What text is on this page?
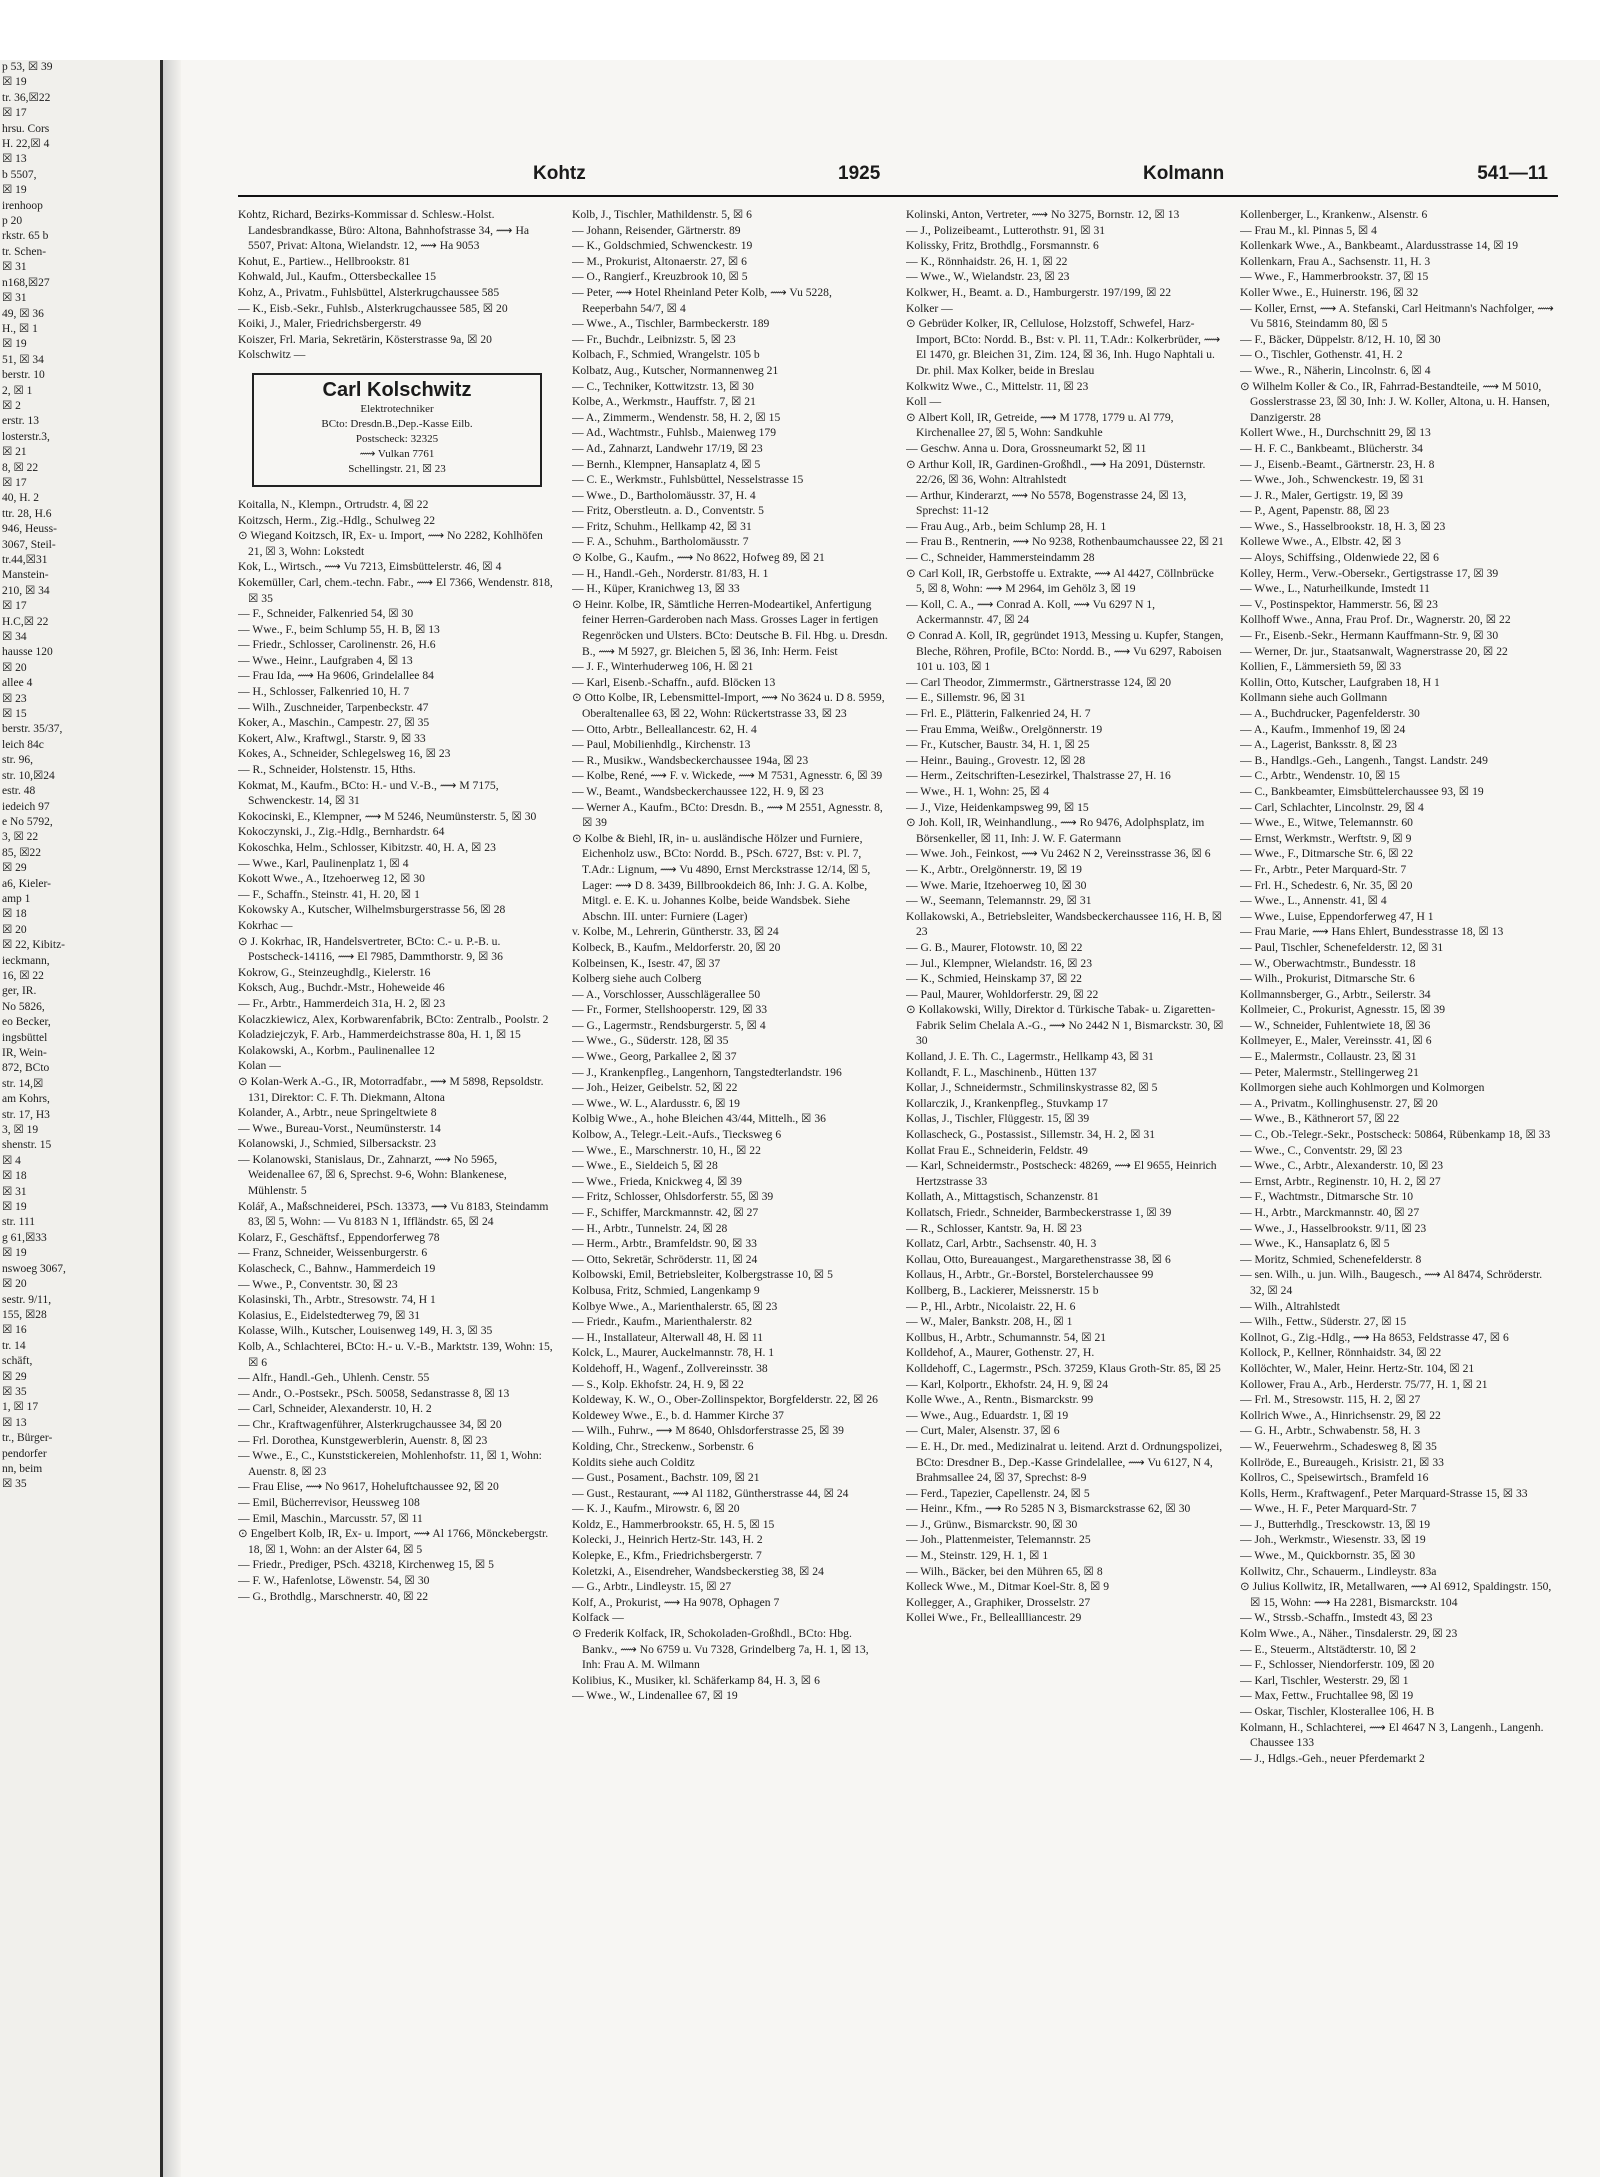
p 53, ☒ 39
☒ 19
tr. 36,☒22
☒ 17
hrsu. Cors
H. 22,☒ 4
☒ 13
b 5507,
☒ 19
irenhoop
p 20
rkstr. 65 b
tr. Schen-
☒ 31
n168,☒27
☒ 31
49, ☒ 36
H., ☒ 1
☒ 19
51, ☒ 34
berstr. 10
2, ☒ 1
☒ 2
erstr. 13
losterstr.3,
☒ 21
8, ☒ 22
☒ 17
40, H. 2
ttr. 28, H.6
946, Heuss-
3067, Steil-
tr.44,☒31
Manstein-
210, ☒ 34
☒ 17
H.C,☒ 22
☒ 34
hausse 120
☒ 20
allee 4
☒ 23
☒ 15
berstr. 35/37,
leich 84c
str. 96,
str. 10,☒24
estr. 48
iedeich 97
e No 5792,
3, ☒ 22
85, ☒22
☒ 29
a6, Kieler-
amp 1
☒ 18
☒ 20
☒ 22, Kibitz-
ieckmann,
16, ☒ 22
ger, IR.
No 5826,
eo Becker,
ingsbüttel
IR, Wein-
872, BCto
str. 14,☒
am Kohrs,
str. 17, H3
3, ☒ 19
shenstr. 15
☒ 4
☒ 18
☒ 31
☒ 19
str. 111
g 61,☒33
☒ 19
nswoeg 3067,
☒ 20
sestr. 9/11,
155, ☒28
☒ 16
tr. 14
schäft,
☒ 29
☒ 35
1, ☒ 17
☒ 13
tr., Bürger-
pendorfer
nn, beim
☒ 35
Kohtz	1925	Kolmann	541—11

Kohtz, Richard, Bezirks-Kommissar d. Schlesw.-Holst. Landesbrandkasse, Büro: Altona, Bahnhofstrasse 34, ⟿ Ha 5507, Privat: Altona, Wielandstr. 12, ⟿ Ha 9053

Kohut, E., Partiew.., Hellbrookstr. 81

Kohwald, Jul., Kaufm., Ottersbeckallee 15

Kohz, A., Privatm., Fuhlsbüttel, Alsterkrugchaussee 585

— K., Eisb.-Sekr., Fuhlsb., Alsterkrugchaussee 585, ☒ 20

Koiki, J., Maler, Friedrichsbergerstr. 49

Koiszer, Frl. Maria, Sekretärin, Kösterstrasse 9a, ☒ 20

Kolschwitz —

Carl Kolschwitz
Elektrotechniker
BCto: Dresdn.B.,Dep.-Kasse Eilb.
Postscheck: 32325
⟿ Vulkan 7761
Schellingstr. 21, ☒ 23

Koitalla, N., Klempn., Ortrudstr. 4, ☒ 22

Koitzsch, Herm., Zig.-Hdlg., Schulweg 22

⊙ Wiegand Koitzsch, IR, Ex- u. Import, ⟿ No 2282, Kohlhöfen 21, ☒ 3, Wohn: Lokstedt

Kok, L., Wirtsch., ⟿ Vu 7213, Eimsbüttelerstr. 46, ☒ 4

Kokemüller, Carl, chem.-techn. Fabr., ⟿ El 7366, Wendenstr. 818, ☒ 35

— F., Schneider, Falkenried 54, ☒ 30

— Wwe., F., beim Schlump 55, H. B, ☒ 13

— Friedr., Schlosser, Carolinenstr. 26, H.6

— Wwe., Heinr., Laufgraben 4, ☒ 13

— Frau Ida, ⟿ Ha 9606, Grindelallee 84

— H., Schlosser, Falkenried 10, H. 7

— Wilh., Zuschneider, Tarpenbeckstr. 47

Koker, A., Maschin., Campestr. 27, ☒ 35

Kokert, Alw., Kraftwgl., Starstr. 9, ☒ 33

Kokes, A., Schneider, Schlegelsweg 16, ☒ 23

— R., Schneider, Holstenstr. 15, Hths.

Kokmat, M., Kaufm., BCto: H.- und V.-B., ⟿ M 7175, Schwenckestr. 14, ☒ 31

Kokocinski, E., Klempner, ⟿ M 5246, Neumünsterstr. 5, ☒ 30

Kokoczynski, J., Zig.-Hdlg., Bernhardstr. 64

Kokoschka, Helm., Schlosser, Kibitzstr. 40, H. A, ☒ 23

— Wwe., Karl, Paulinenplatz 1, ☒ 4

Kokott Wwe., A., Itzehoerweg 12, ☒ 30

— F., Schaffn., Steinstr. 41, H. 20, ☒ 1

Kokowsky A., Kutscher, Wilhelmsburgerstrasse 56, ☒ 28

Kokrhac —

⊙ J. Kokrhac, IR, Handelsvertreter, BCto: C.- u. P.-B. u. Postscheck-14116, ⟿ El 7985, Dammthorstr. 9, ☒ 36

Kokrow, G., Steinzeughdlg., Kielerstr. 16

Koksch, Aug., Buchdr.-Mstr., Hoheweide 46

— Fr., Arbtr., Hammerdeich 31a, H. 2, ☒ 23

Kolaczkiewicz, Alex, Korbwarenfabrik, BCto: Zentralb., Poolstr. 2

Koladziejczyk, F. Arb., Hammerdeichstrasse 80a, H. 1, ☒ 15

Kolakowski, A., Korbm., Paulinenallee 12

Kolan —

⊙ Kolan-Werk A.-G., IR, Motorradfabr., ⟿ M 5898, Repsoldstr. 131, Direktor: C. F. Th. Diekmann, Altona

Kolander, A., Arbtr., neue Springeltwiete 8

— Wwe., Bureau-Vorst., Neumünsterstr. 14

Kolanowski, J., Schmied, Silbersackstr. 23

— Kolanowski, Stanislaus, Dr., Zahnarzt, ⟿ No 5965, Weidenallee 67, ☒ 6, Sprechst. 9-6, Wohn: Blankenese, Mühlenstr. 5

Kolář, A., Maßschneiderei, PSch. 13373, ⟿ Vu 8183, Steindamm 83, ☒ 5, Wohn: — Vu 8183 N 1, Iffländstr. 65, ☒ 24

Kolarz, F., Geschäftsf., Eppendorferweg 78

— Franz, Schneider, Weissenburgerstr. 6

Kolascheck, C., Bahnw., Hammerdeich 19

— Wwe., P., Conventstr. 30, ☒ 23

Kolasinski, Th., Arbtr., Stresowstr. 74, H 1

Kolasius, E., Eidelstedterweg 79, ☒ 31

Kolasse, Wilh., Kutscher, Louisenweg 149, H. 3, ☒ 35

Kolb, A., Schlachterei, BCto: H.- u. V.-B., Marktstr. 139, Wohn: 15, ☒ 6

— Alfr., Handl.-Geh., Uhlenh. Censtr. 55

— Andr., O.-Postsekr., PSch. 50058, Sedanstrasse 8, ☒ 13

— Carl, Schneider, Alexanderstr. 10, H. 2

— Chr., Kraftwagenführer, Alsterkrugchaussee 34, ☒ 20

— Frl. Dorothea, Kunstgewerblerin, Auenstr. 8, ☒ 23

— Wwe., E., C., Kunststickereien, Mohlenhofstr. 11, ☒ 1, Wohn: Auenstr. 8, ☒ 23

— Frau Elise, ⟿ No 9617, Hoheluftchaussee 92, ☒ 20

— Emil, Bücherrevisor, Heussweg 108

— Emil, Maschin., Marcusstr. 57, ☒ 11

⊙ Engelbert Kolb, IR, Ex- u. Import, ⟿ Al 1766, Mönckebergstr. 18, ☒ 1, Wohn: an der Alster 64, ☒ 5

— Friedr., Prediger, PSch. 43218, Kirchenweg 15, ☒ 5

— F. W., Hafenlotse, Löwenstr. 54, ☒ 30

— G., Brothdlg., Marschnerstr. 40, ☒ 22

Kolb, J., Tischler, Mathildenstr. 5, ☒ 6

— Johann, Reisender, Gärtnerstr. 89

— K., Goldschmied, Schwenckestr. 19

— M., Prokurist, Altonaerstr. 27, ☒ 6

— O., Rangierf., Kreuzbrook 10, ☒ 5

— Peter, ⟿ Hotel Rheinland Peter Kolb, ⟿ Vu 5228, Reeperbahn 54/7, ☒ 4

— Wwe., A., Tischler, Barmbeckerstr. 189

— Fr., Buchdr., Leibnizstr. 5, ☒ 23

Kolbach, F., Schmied, Wrangelstr. 105 b

Kolbatz, Aug., Kutscher, Normannenweg 21

— C., Techniker, Kottwitzstr. 13, ☒ 30

Kolbe, A., Werkmstr., Hauffstr. 7, ☒ 21

— A., Zimmerm., Wendenstr. 58, H. 2, ☒ 15

— Ad., Wachtmstr., Fuhlsb., Maienweg 179

— Ad., Zahnarzt, Landwehr 17/19, ☒ 23

— Bernh., Klempner, Hansaplatz 4, ☒ 5

— C. E., Werkmstr., Fuhlsbüttel, Nesselstrasse 15

— Wwe., D., Bartholomäusstr. 37, H. 4

— Fritz, Oberstleutn. a. D., Conventstr. 5

— Fritz, Schuhm., Hellkamp 42, ☒ 31

— F. A., Schuhm., Bartholomäusstr. 7

⊙ Kolbe, G., Kaufm., ⟿ No 8622, Hofweg 89, ☒ 21

— H., Handl.-Geh., Norderstr. 81/83, H. 1

— H., Küper, Kranichweg 13, ☒ 33

⊙ Heinr. Kolbe, IR, Sämtliche Herren-Modeartikel, Anfertigung feiner Herren-Garderoben nach Mass. Grosses Lager in fertigen Regenröcken und Ulsters. BCto: Deutsche B. Fil. Hbg. u. Dresdn. B., ⟿ M 5927, gr. Bleichen 5, ☒ 36, Inh: Herm. Feist

— J. F., Winterhuderweg 106, H. ☒ 21

— Karl, Eisenb.-Schaffn., aufd. Blöcken 13

⊙ Otto Kolbe, IR, Lebensmittel-Import, ⟿ No 3624 u. D 8. 5959, Oberaltenallee 63, ☒ 22, Wohn: Rückertstrasse 33, ☒ 23

— Otto, Arbtr., Belleallancestr. 62, H. 4

— Paul, Mobilienhdlg., Kirchenstr. 13

— R., Musikw., Wandsbeckerchaussee 194a, ☒ 23

— Kolbe, René, ⟿ F. v. Wickede, ⟿ M 7531, Agnesstr. 6, ☒ 39

— W., Beamt., Wandsbeckerchaussee 122, H. 9, ☒ 23

— Werner A., Kaufm., BCto: Dresdn. B., ⟿ M 2551, Agnesstr. 8, ☒ 39

⊙ Kolbe & Biehl, IR, in- u. ausländische Hölzer und Furniere, Eichenholz usw., BCto: Nordd. B., PSch. 6727, Bst: v. Pl. 7, T.Adr.: Lignum, ⟿ Vu 4890, Ernst Merckstrasse 12/14, ☒ 5, Lager: ⟿ D 8. 3439, Billbrookdeich 86, Inh: J. G. A. Kolbe, Mitgl. e. E. K. u. Johannes Kolbe, beide Wandsbek. Siehe Abschn. III. unter: Furniere (Lager)

v. Kolbe, M., Lehrerin, Güntherstr. 33, ☒ 24

Kolbeck, B., Kaufm., Meldorferstr. 20, ☒ 20

Kolbeinsen, K., Isestr. 47, ☒ 37

Kolberg siehe auch Colberg

— A., Vorschlosser, Ausschlägerallee 50

— Fr., Former, Stellshooperstr. 129, ☒ 33

— G., Lagermstr., Rendsburgerstr. 5, ☒ 4

— Wwe., G., Süderstr. 128, ☒ 35

— Wwe., Georg, Parkallee 2, ☒ 37

— J., Krankenpfleg., Langenhorn, Tangstedterlandstr. 196

— Joh., Heizer, Geibelstr. 52, ☒ 22

— Wwe., W. L., Alardusstr. 6, ☒ 19

Kolbig Wwe., A., hohe Bleichen 43/44, Mittelh., ☒ 36

Kolbow, A., Telegr.-Leit.-Aufs., Tiecksweg 6

— Wwe., E., Marschnerstr. 10, H., ☒ 22

— Wwe., E., Sieldeich 5, ☒ 28

— Wwe., Frieda, Knickweg 4, ☒ 39

— Fritz, Schlosser, Ohlsdorferstr. 55, ☒ 39

— F., Schiffer, Marckmannstr. 42, ☒ 27

— H., Arbtr., Tunnelstr. 24, ☒ 28

— Herm., Arbtr., Bramfeldstr. 90, ☒ 33

— Otto, Sekretär, Schröderstr. 11, ☒ 24

Kolbowski, Emil, Betriebsleiter, Kolbergstrasse 10, ☒ 5

Kolbusa, Fritz, Schmied, Langenkamp 9

Kolbye Wwe., A., Marienthalerstr. 65, ☒ 23

— Friedr., Kaufm., Marienthalerstr. 82

— H., Installateur, Alterwall 48, H. ☒ 11

Kolck, L., Maurer, Auckelmannstr. 78, H. 1

Koldehoff, H., Wagenf., Zollvereinsstr. 38

— S., Kolp. Ekhofstr. 24, H. 9, ☒ 22

Koldeway, K. W., O., Ober-Zollinspektor, Borgfelderstr. 22, ☒ 26

Koldewey Wwe., E., b. d. Hammer Kirche 37

— Wilh., Fuhrw., ⟿ M 8640, Ohlsdorferstrasse 25, ☒ 39

Kolding, Chr., Streckenw., Sorbenstr. 6

Koldits siehe auch Colditz

— Gust., Posament., Bachstr. 109, ☒ 21

— Gust., Restaurant, ⟿ Al 1182, Güntherstrasse 44, ☒ 24

— K. J., Kaufm., Mirowstr. 6, ☒ 20

Koldz, E., Hammerbrookstr. 65, H. 5, ☒ 15

Kolecki, J., Heinrich Hertz-Str. 143, H. 2

Kolepke, E., Kfm., Friedrichsbergerstr. 7

Koletzki, A., Eisendreher, Wandsbeckerstieg 38, ☒ 24

— G., Arbtr., Lindleystr. 15, ☒ 27

Kolf, A., Prokurist, ⟿ Ha 9078, Ophagen 7

Kolfack —

⊙ Frederik Kolfack, IR, Schokoladen-Großhdl., BCto: Hbg. Bankv., ⟿ No 6759 u. Vu 7328, Grindelberg 7a, H. 1, ☒ 13, Inh: Frau A. M. Wilmann

Kolibius, K., Musiker, kl. Schäferkamp 84, H. 3, ☒ 6

— Wwe., W., Lindenallee 67, ☒ 19

Kolinski, Anton, Vertreter, ⟿ No 3275, Bornstr. 12, ☒ 13

— J., Polizeibeamt., Lutterothstr. 91, ☒ 31

Kolissky, Fritz, Brothdlg., Forsmannstr. 6

— K., Rönnhaidstr. 26, H. 1, ☒ 22

— Wwe., W., Wielandstr. 23, ☒ 23

Kolkwer, H., Beamt. a. D., Hamburgerstr. 197/199, ☒ 22

Kolker —

⊙ Gebrüder Kolker, IR, Cellulose, Holzstoff, Schwefel, Harz-Import, BCto: Nordd. B., Bst: v. Pl. 11, T.Adr.: Kolkerbrüder, ⟿ El 1470, gr. Bleichen 31, Zim. 124, ☒ 36, Inh. Hugo Naphtali u. Dr. phil. Max Kolker, beide in Breslau

Kolkwitz Wwe., C., Mittelstr. 11, ☒ 23

Koll —

⊙ Albert Koll, IR, Getreide, ⟿ M 1778, 1779 u. Al 779, Kirchenallee 27, ☒ 5, Wohn: Sandkuhle

— Geschw. Anna u. Dora, Grossneumarkt 52, ☒ 11

⊙ Arthur Koll, IR, Gardinen-Großhdl., ⟿ Ha 2091, Düsternstr. 22/26, ☒ 36, Wohn: Altrahlstedt

— Arthur, Kinderarzt, ⟿ No 5578, Bogenstrasse 24, ☒ 13, Sprechst: 11-12

— Frau Aug., Arb., beim Schlump 28, H. 1

— Frau B., Rentnerin, ⟿ No 9238, Rothenbaumchaussee 22, ☒ 21

— C., Schneider, Hammersteindamm 28

⊙ Carl Koll, IR, Gerbstoffe u. Extrakte, ⟿ Al 4427, Cöllnbrücke 5, ☒ 8, Wohn: ⟿ M 2964, im Gehölz 3, ☒ 19

— Koll, C. A., ⟿ Conrad A. Koll, ⟿ Vu 6297 N 1, Ackermannstr. 47, ☒ 24

⊙ Conrad A. Koll, IR, gegründet 1913, Messing u. Kupfer, Stangen, Bleche, Röhren, Profile, BCto: Nordd. B., ⟿ Vu 6297, Raboisen 101 u. 103, ☒ 1

— Carl Theodor, Zimmermstr., Gärtnerstrasse 124, ☒ 20

— E., Sillemstr. 96, ☒ 31

— Frl. E., Plätterin, Falkenried 24, H. 7

— Frau Emma, Weißw., Orelgönnerstr. 19

— Fr., Kutscher, Baustr. 34, H. 1, ☒ 25

— Heinr., Bauing., Grovestr. 12, ☒ 28

— Herm., Zeitschriften-Lesezirkel, Thalstrasse 27, H. 16

— Wwe., H. 1, Wohn: 25, ☒ 4

— J., Vize, Heidenkampsweg 99, ☒ 15

⊙ Joh. Koll, IR, Weinhandlung., ⟿ Ro 9476, Adolphsplatz, im Börsenkeller, ☒ 11, Inh: J. W. F. Gatermann

— Wwe. Joh., Feinkost, ⟿ Vu 2462 N 2, Vereinsstrasse 36, ☒ 6

— K., Arbtr., Orelgönnerstr. 19, ☒ 19

— Wwe. Marie, Itzehoerweg 10, ☒ 30

— W., Seemann, Telemannstr. 29, ☒ 31

Kollakowski, A., Betriebsleiter, Wandsbeckerchaussee 116, H. B, ☒ 23

— G. B., Maurer, Flotowstr. 10, ☒ 22

— Jul., Klempner, Wielandstr. 16, ☒ 23

— K., Schmied, Heinskamp 37, ☒ 22

— Paul, Maurer, Wohldorferstr. 29, ☒ 22

⊙ Kollakowski, Willy, Direktor d. Türkische Tabak- u. Zigaretten-Fabrik Selim Chelala A.-G., ⟿ No 2442 N 1, Bismarckstr. 30, ☒ 30

Kolland, J. E. Th. C., Lagermstr., Hellkamp 43, ☒ 31

Kollandt, F. L., Maschinenb., Hütten 137

Kollar, J., Schneidermstr., Schmilinskystrasse 82, ☒ 5

Kollarczik, J., Krankenpfleg., Stuvkamp 17

Kollas, J., Tischler, Flüggestr. 15, ☒ 39

Kollascheck, G., Postassist., Sillemstr. 34, H. 2, ☒ 31

Kollat Frau E., Schneiderin, Feldstr. 49

— Karl, Schneidermstr., Postscheck: 48269, ⟿ El 9655, Heinrich Hertzstrasse 33

Kollath, A., Mittagstisch, Schanzenstr. 81

Kollatsch, Friedr., Schneider, Barmbeckerstrasse 1, ☒ 39

— R., Schlosser, Kantstr. 9a, H. ☒ 23

Kollatz, Carl, Arbtr., Sachsenstr. 40, H. 3

Kollau, Otto, Bureauangest., Margarethenstrasse 38, ☒ 6

Kollaus, H., Arbtr., Gr.-Borstel, Borstelerchaussee 99

Kollberg, B., Lackierer, Meissnerstr. 15 b

— P., Hl., Arbtr., Nicolaistr. 22, H. 6

— W., Maler, Bankstr. 208, H., ☒ 1

Kollbus, H., Arbtr., Schumannstr. 54, ☒ 21

Kolldehof, A., Maurer, Gothenstr. 27, H.

Kolldehoff, C., Lagermstr., PSch. 37259, Klaus Groth-Str. 85, ☒ 25

— Karl, Kolportr., Ekhofstr. 24, H. 9, ☒ 24

Kolle Wwe., A., Rentn., Bismarckstr. 99

— Wwe., Aug., Eduardstr. 1, ☒ 19

— Curt, Maler, Alsenstr. 37, ☒ 6

— E. H., Dr. med., Medizinalrat u. leitend. Arzt d. Ordnungspolizei, BCto: Dresdner B., Dep.-Kasse Grindelallee, ⟿ Vu 6127, N 4, Brahmsallee 24, ☒ 37, Sprechst: 8-9

— Ferd., Tapezier, Capellenstr. 24, ☒ 5

— Heinr., Kfm., ⟿ Ro 5285 N 3, Bismarckstrasse 62, ☒ 30

— J., Grünw., Bismarckstr. 90, ☒ 30

— Joh., Plattenmeister, Telemannstr. 25

— M., Steinstr. 129, H. 1, ☒ 1

— Wilh., Bäcker, bei den Mühren 65, ☒ 8

Kolleck Wwe., M., Ditmar Koel-Str. 8, ☒ 9

Kollegger, A., Graphiker, Drosselstr. 27

Kollei Wwe., Fr., Belleallliancestr. 29

Kollenberger, L., Krankenw., Alsenstr. 6

— Frau M., kl. Pinnas 5, ☒ 4

Kollenkark Wwe., A., Bankbeamt., Alardusstrasse 14, ☒ 19

Kollenkarn, Frau A., Sachsenstr. 11, H. 3

— Wwe., F., Hammerbrookstr. 37, ☒ 15

Koller Wwe., E., Huinerstr. 196, ☒ 32

— Koller, Ernst, ⟿ A. Stefanski, Carl Heitmann's Nachfolger, ⟿ Vu 5816, Steindamm 80, ☒ 5

— F., Bäcker, Düppelstr. 8/12, H. 10, ☒ 30

— O., Tischler, Gothenstr. 41, H. 2

— Wwe., R., Näherin, Lincolnstr. 6, ☒ 4

⊙ Wilhelm Koller & Co., IR, Fahrrad-Bestandteile, ⟿ M 5010, Gosslerstrasse 23, ☒ 30, Inh: J. W. Koller, Altona, u. H. Hansen, Danzigerstr. 28

Kollert Wwe., H., Durchschnitt 29, ☒ 13

— H. F. C., Bankbeamt., Blücherstr. 34

— J., Eisenb.-Beamt., Gärtnerstr. 23, H. 8

— Wwe., Joh., Schwenckestr. 19, ☒ 31

— J. R., Maler, Gertigstr. 19, ☒ 39

— P., Agent, Papenstr. 88, ☒ 23

— Wwe., S., Hasselbrookstr. 18, H. 3, ☒ 23

Kollewe Wwe., A., Elbstr. 42, ☒ 3

— Aloys, Schiffsing., Oldenwiede 22, ☒ 6

Kolley, Herm., Verw.-Obersekr., Gertigstrasse 17, ☒ 39

— Wwe., L., Naturheilkunde, Imstedt 11

— V., Postinspektor, Hammerstr. 56, ☒ 23

Kollhoff Wwe., Anna, Frau Prof. Dr., Wagnerstr. 20, ☒ 22

— Fr., Eisenb.-Sekr., Hermann Kauffmann-Str. 9, ☒ 30

— Werner, Dr. jur., Staatsanwalt, Wagnerstrasse 20, ☒ 22

Kollien, F., Lämmersieth 59, ☒ 33

Kollin, Otto, Kutscher, Laufgraben 18, H 1

Kollmann siehe auch Gollmann

— A., Buchdrucker, Pagenfelderstr. 30

— A., Kaufm., Immenhof 19, ☒ 24

— A., Lagerist, Banksstr. 8, ☒ 23

— B., Handlgs.-Geh., Langenh., Tangst. Landstr. 249

— C., Arbtr., Wendenstr. 10, ☒ 15

— C., Bankbeamter, Eimsbüttelerchaussee 93, ☒ 19

— Carl, Schlachter, Lincolnstr. 29, ☒ 4

— Wwe., E., Witwe, Telemannstr. 60

— Ernst, Werkmstr., Werftstr. 9, ☒ 9

— Wwe., F., Ditmarsche Str. 6, ☒ 22

— Fr., Arbtr., Peter Marquard-Str. 7

— Frl. H., Schedestr. 6, Nr. 35, ☒ 20

— Wwe., L., Annenstr. 41, ☒ 4

— Wwe., Luise, Eppendorferweg 47, H 1

— Frau Marie, ⟿ Hans Ehlert, Bundesstrasse 18, ☒ 13

— Paul, Tischler, Schenefelderstr. 12, ☒ 31

— W., Oberwachtmstr., Bundesstr. 18

— Wilh., Prokurist, Ditmarsche Str. 6

Kollmannsberger, G., Arbtr., Seilerstr. 34

Kollmeier, C., Prokurist, Agnesstr. 15, ☒ 39

— W., Schneider, Fuhlentwiete 18, ☒ 36

Kollmeyer, E., Maler, Vereinsstr. 41, ☒ 6

— E., Malermstr., Collaustr. 23, ☒ 31

— Peter, Malermstr., Stellingerweg 21

Kollmorgen siehe auch Kohlmorgen und Kolmorgen

— A., Privatm., Kollinghusenstr. 27, ☒ 20

— Wwe., B., Käthnerort 57, ☒ 22

— C., Ob.-Telegr.-Sekr., Postscheck: 50864, Rübenkamp 18, ☒ 33

— Wwe., C., Conventstr. 29, ☒ 23

— Wwe., C., Arbtr., Alexanderstr. 10, ☒ 23

— Ernst, Arbtr., Reginenstr. 10, H. 2, ☒ 27

— F., Wachtmstr., Ditmarsche Str. 10

— H., Arbtr., Marckmannstr. 40, ☒ 27

— Wwe., J., Hasselbrookstr. 9/11, ☒ 23

— Wwe., K., Hansaplatz 6, ☒ 5

— Moritz, Schmied, Schenefelderstr. 8

— sen. Wilh., u. jun. Wilh., Baugesch., ⟿ Al 8474, Schröderstr. 32, ☒ 24

— Wilh., Altrahlstedt

— Wilh., Fettw., Süderstr. 27, ☒ 15

Kollnot, G., Zig.-Hdlg., ⟿ Ha 8653, Feldstrasse 47, ☒ 6

Kollock, P., Kellner, Rönnhaidstr. 34, ☒ 22

Kollöchter, W., Maler, Heinr. Hertz-Str. 104, ☒ 21

Kollower, Frau A., Arb., Herderstr. 75/77, H. 1, ☒ 21

— Frl. M., Stresowstr. 115, H. 2, ☒ 27

Kollrich Wwe., A., Hinrichsenstr. 29, ☒ 22

— G. H., Arbtr., Schwabenstr. 58, H. 3

— W., Feuerwehrm., Schadesweg 8, ☒ 35

Kollröde, E., Bureaugeh., Krisistr. 21, ☒ 33

Kollros, C., Speisewirtsch., Bramfeld 16

Kolls, Herm., Kraftwagenf., Peter Marquard-Strasse 15, ☒ 33

— Wwe., H. F., Peter Marquard-Str. 7

— J., Butterhdlg., Tresckowstr. 13, ☒ 19

— Joh., Werkmstr., Wiesenstr. 33, ☒ 19

— Wwe., M., Quickbornstr. 35, ☒ 30

Kollwitz, Chr., Schauerm., Lindleystr. 83a

⊙ Julius Kollwitz, IR, Metallwaren, ⟿ Al 6912, Spaldingstr. 150, ☒ 15, Wohn: ⟿ Ha 2281, Bismarckstr. 104

— W., Strssb.-Schaffn., Imstedt 43, ☒ 23

Kolm Wwe., A., Näher., Tinsdalerstr. 29, ☒ 23

— E., Steuerm., Altstädterstr. 10, ☒ 2

— F., Schlosser, Niendorferstr. 109, ☒ 20

— Karl, Tischler, Westerstr. 29, ☒ 1

— Max, Fettw., Fruchtallee 98, ☒ 19

— Oskar, Tischler, Klosterallee 106, H. B

Kolmann, H., Schlachterei, ⟿ El 4647 N 3, Langenh., Langenh. Chaussee 133

— J., Hdlgs.-Geh., neuer Pferdemarkt 2
